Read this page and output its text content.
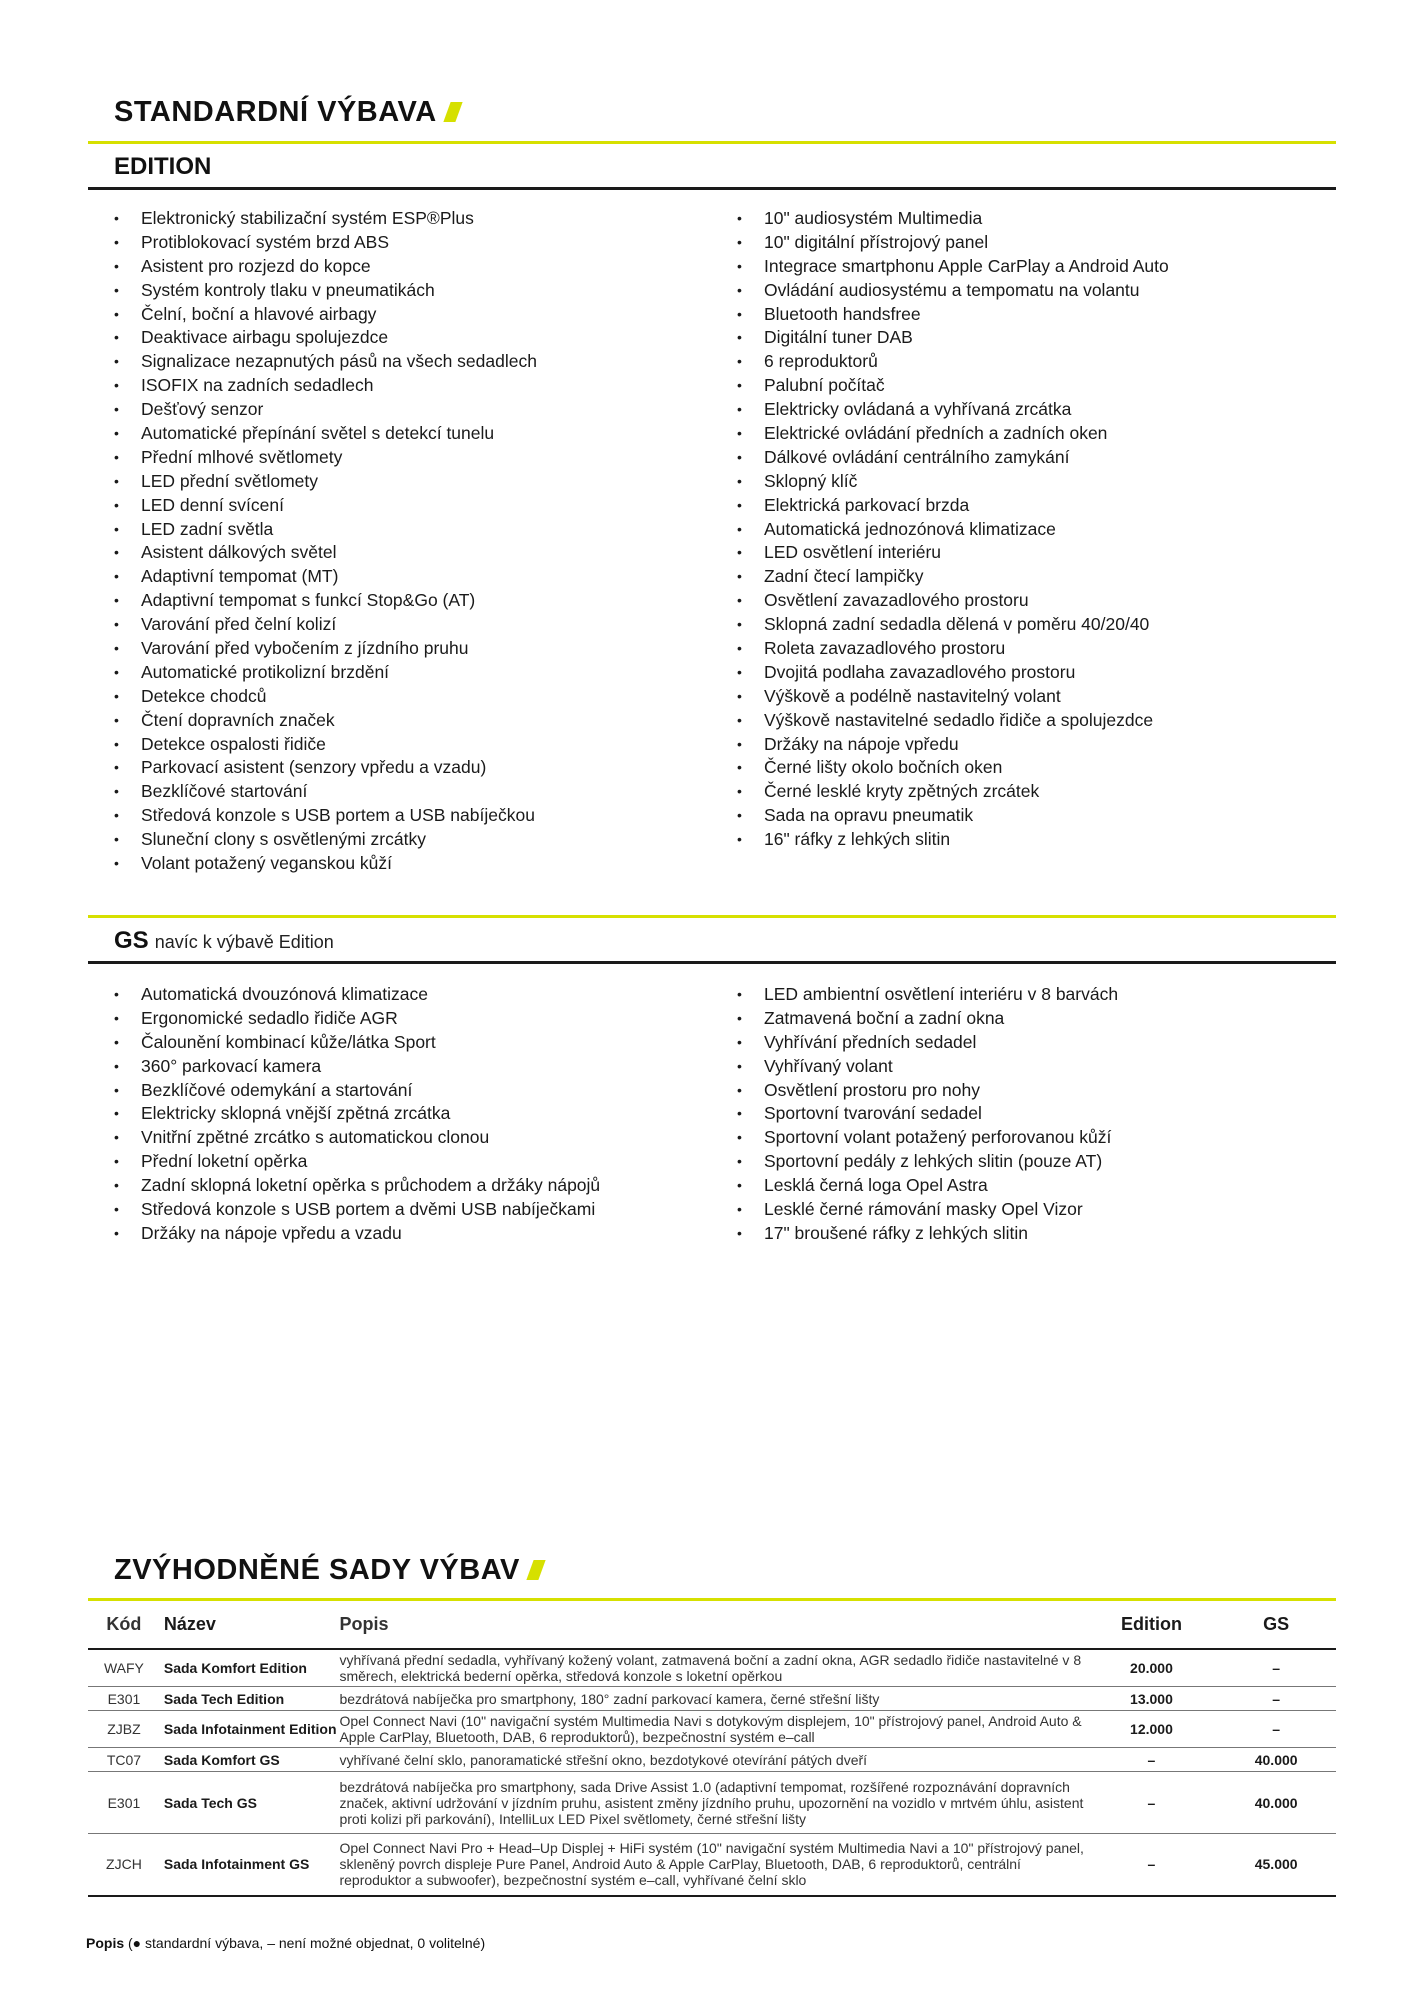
STANDARDNÍ VÝBAVA
EDITION
• Elektronický stabilizační systém ESP®Plus
• Protiblokovací systém brzd ABS
• Asistent pro rozjezd do kopce
• Systém kontroly tlaku v pneumatikách
• Čelní, boční a hlavové airbagy
• Deaktivace airbagu spolujezdce
• Signalizace nezapnutých pásů na všech sedadlech
• ISOFIX na zadních sedadlech
• Dešťový senzor
• Automatické přepínání světel s detekcí tunelu
• Přední mlhové světlomety
• LED přední světlomety
• LED denní svícení
• LED zadní světla
• Asistent dálkových světel
• Adaptivní tempomat (MT)
• Adaptivní tempomat s funkcí Stop&Go (AT)
• Varování před čelní kolizí
• Varování před vybočením z jízdního pruhu
• Automatické protikolizní brzdění
• Detekce chodců
• Čtení dopravních značek
• Detekce ospalosti řidiče
• Parkovací asistent (senzory vpředu a vzadu)
• Bezklíčové startování
• Středová konzole s USB portem a USB nabíječkou
• Sluneční clony s osvětlenými zrcátky
• Volant potažený veganskou kůží
• 10" audiosystém Multimedia
• 10" digitální přístrojový panel
• Integrace smartphonu Apple CarPlay a Android Auto
• Ovládání audiosystému a tempomatu na volantu
• Bluetooth handsfree
• Digitální tuner DAB
• 6 reproduktorů
• Palubní počítač
• Elektricky ovládaná a vyhřívaná zrcátka
• Elektrické ovládání předních a zadních oken
• Dálkové ovládání centrálního zamykání
• Sklopný klíč
• Elektrická parkovací brzda
• Automatická jednozónová klimatizace
• LED osvětlení interiéru
• Zadní čtecí lampičky
• Osvětlení zavazadlového prostoru
• Sklopná zadní sedadla dělená v poměru 40/20/40
• Roleta zavazadlového prostoru
• Dvojitá podlaha zavazadlového prostoru
• Výškově a podélně nastavitelný volant
• Výškově nastavitelné sedadlo řidiče a spolujezdce
• Držáky na nápoje vpředu
• Černé lišty okolo bočních oken
• Černé lesklé kryty zpětných zrcátek
• Sada na opravu pneumatik
• 16" ráfky z lehkých slitin
GS navíc k výbavě Edition
• Automatická dvouzónová klimatizace
• Ergonomické sedadlo řidiče AGR
• Čalounění kombinací kůže/látka Sport
• 360° parkovací kamera
• Bezklíčové odemykání a startování
• Elektricky sklopná vnější zpětná zrcátka
• Vnitřní zpětné zrcátko s automatickou clonou
• Přední loketní opěrka
• Zadní sklopná loketní opěrka s průchodem a držáky nápojů
• Středová konzole s USB portem a dvěmi USB nabíječkami
• Držáky na nápoje vpředu a vzadu
• LED ambientní osvětlení interiéru v 8 barvách
• Zatmavená boční a zadní okna
• Vyhřívání předních sedadel
• Vyhřívaný volant
• Osvětlení prostoru pro nohy
• Sportovní tvarování sedadel
• Sportovní volant potažený perforovanou kůží
• Sportovní pedály z lehkých slitin (pouze AT)
• Lesklá černá loga Opel Astra
• Lesklé černé rámování masky Opel Vizor
• 17" broušené ráfky z lehkých slitin
ZVÝHODNĚNÉ SADY VÝBAV
Kód	Název	Popis	Edition	GS
WAFY	Sada Komfort Edition	vyhřívaná přední sedadla, vyhřívaný kožený volant, zatmavená boční a zadní okna, AGR sedadlo řidiče nastavitelné v 8 směrech, elektrická bederní opěrka, středová konzole s loketní opěrkou	20.000	–
E301	Sada Tech Edition	bezdrátová nabíječka pro smartphony, 180° zadní parkovací kamera, černé střešní lišty	13.000	–
ZJBZ	Sada Infotainment Edition	Opel Connect Navi (10" navigační systém Multimedia Navi s dotykovým displejem, 10" přístrojový panel, Android Auto & Apple CarPlay, Bluetooth, DAB, 6 reproduktorů), bezpečnostní systém e–call	12.000	–
TC07	Sada Komfort GS	vyhřívané čelní sklo, panoramatické střešní okno, bezdotykové otevírání pátých dveří	–	40.000
E301	Sada Tech GS	bezdrátová nabíječka pro smartphony, sada Drive Assist 1.0 (adaptivní tempomat, rozšířené rozpoznávání dopravních značek, aktivní udržování v jízdním pruhu, asistent změny jízdního pruhu, upozornění na vozidlo v mrtvém úhlu, asistent proti kolizi při parkování), IntelliLux LED Pixel světlomety, černé střešní lišty	–	40.000
ZJCH	Sada Infotainment GS	Opel Connect Navi Pro + Head–Up Displej + HiFi systém (10" navigační systém Multimedia Navi a 10" přístrojový panel, skleněný povrch displeje Pure Panel, Android Auto & Apple CarPlay, Bluetooth, DAB, 6 reproduktorů, centrální reproduktor a subwoofer), bezpečnostní systém e–call, vyhřívané čelní sklo	–	45.000
Popis (● standardní výbava, – není možné objednat, 0 volitelné)
